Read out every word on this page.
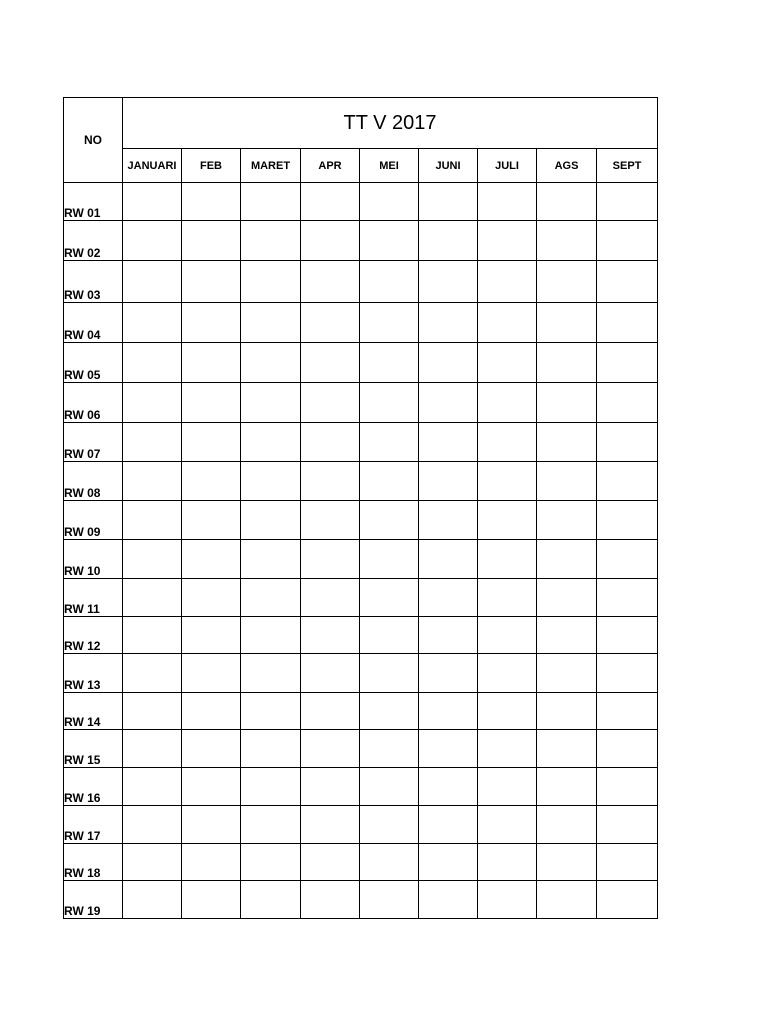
NO	TT V 2017								
	JANUARI	FEB	MARET	APR	MEI	JUNI	JULI	AGS	SEPT
RW 01									
RW 02									
RW 03									
RW 04									
RW 05									
RW 06									
RW 07									
RW 08									
RW 09									
RW 10									
RW 11									
RW 12									
RW 13									
RW 14									
RW 15									
RW 16									
RW 17									
RW 18									
RW 19									
